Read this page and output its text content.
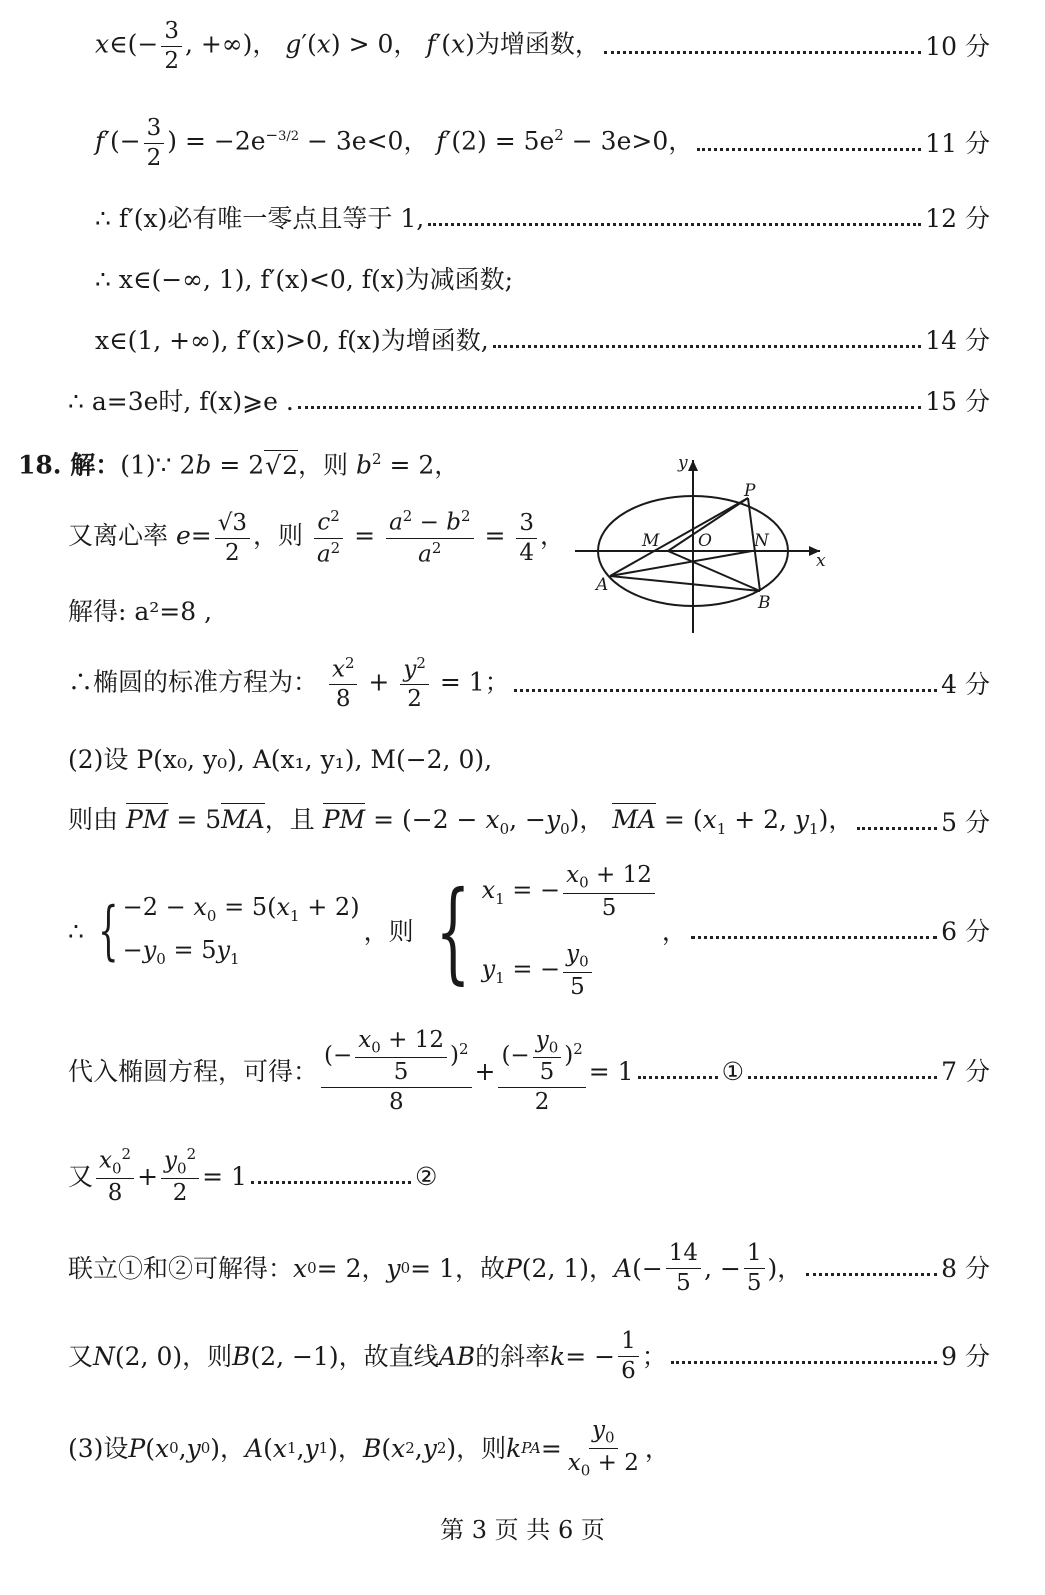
x∈(− $\frac{3}{2}$ , +∞)， g′(x) > 0， f′(x)为增函数，	10 分
$f'(- \frac{3}{2}$ ) = $-2e^{-3/2} - 3e<0$， $f'(2) = 5e^2 - 3e>0$，	11 分
∴ f′(x)必有唯一零点且等于 1,	12 分
∴ x∈(−∞, 1), f′(x)<0, f(x)为减函数;
x∈(1, +∞), f′(x)>0, f(x)为增函数,	14 分
∴ a=3e时, f(x)⩾e .	15 分
18. 解：(1)∵ 2b = 2√2，则 $b^2 = 2$，
又离心率 $e= \frac{√3}{2}$ ，则 $\frac{c^2}{a^2} = \frac{a^2 - b^2}{a^2} = \frac{3}{4}$ ，
解得: a²=8 ,
∴椭圆的标准方程为： $\frac{x^2}{8} + \frac{y^2}{2} = 1$；	4 分
(2)设 P(x₀, y₀), A(x₁, y₁), M(−2, 0),
则由 PM = 5MA，且 PM = ($-2 - x_0$, $-y_0$)， MA = ($x_1 + 2$, $y_1$)，	5 分
∴ { $-2 - x_0 = 5(x_1 + 2)$
$-y_0 = 5y_1$
，则 { $x_1$ = − $\frac{x_0 + 12}{5}$
$y_1$ = − $\frac{y_0}{5}$
，	6 分
代入椭圆方程，可得： $\frac{(- \frac{x_0 + 12}{5} )^2}{8} + \frac{(- \frac{y_0}{5} )^2}{2} = 1$	①	7 分
又 $\frac{x_0^2}{8} + \frac{y_0^2}{2} = 1$	②
联立①和②可解得： x 0 = 2， y 0 = 1，故 P (2, 1)， A (− $\frac{14}{5}$ , − $\frac{1}{5}$ )，	8 分
又 N (2, 0)，则 B (2, −1)，故直线 AB 的斜率 k = − $\frac{1}{6}$ ；	9 分
(3)设 P ( x 0 , y 0 )， A ( x 1 , y 1 )， B ( x 2 , y 2 )，则 k PA = $\frac{y_0}{x_0 + 2}$ ，
x
y
P
M O N
A
B
第 3 页 共 6 页
